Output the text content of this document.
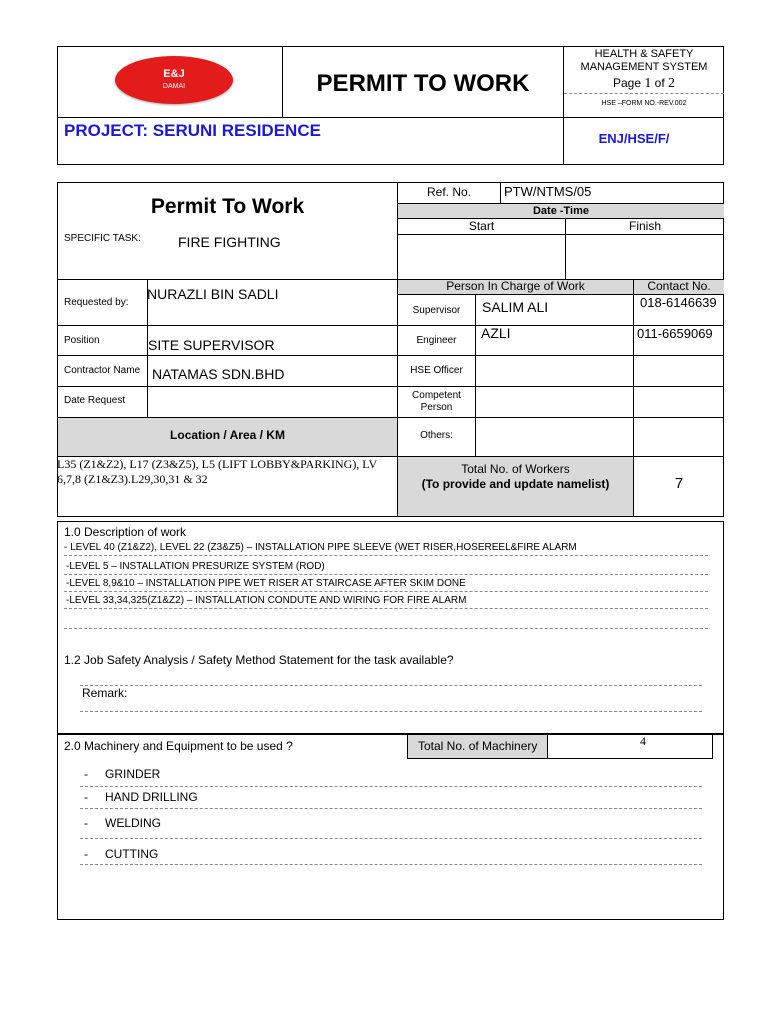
E&J
DAMAI	PERMIT TO WORK
HEALTH & SAFETY
MANAGEMENT SYSTEM
Page 1 of 2
HSE –FORM NO.-REV.002
PROJECT: SERUNI RESIDENCE	ENJ/HSE/F/
Permit To Work
SPECIFIC TASK:	FIRE FIGHTING
Ref. No.	PTW/NTMS/05
Date -Time
Start	Finish
Requested by:
NURAZLI BIN SADLI
Position	SITE SUPERVISOR
Contractor Name NATAMAS SDN.BHD
Date Request
Location / Area / KM
L35 (Z1&Z2), L17 (Z3&Z5), L5 (LIFT LOBBY&PARKING), LV
6,7,8 (Z1&Z3).L29,30,31 & 32
Person In Charge of Work	Contact No.
Supervisor	SALIM ALI	018-6146639
Engineer	AZLI	011-6659069
HSE Officer
Competent
Person
Others:
Total No. of Workers
(To provide and update namelist)	7
1.0 Description of work
- LEVEL 40 (Z1&Z2), LEVEL 22 (Z3&Z5) – INSTALLATION PIPE SLEEVE (WET RISER,HOSEREEL&FIRE ALARM
-LEVEL 5 – INSTALLATION PRESURIZE SYSTEM (ROD)
-LEVEL 8,9&10 – INSTALLATION PIPE WET RISER AT STAIRCASE AFTER SKIM DONE
-LEVEL 33,34,325(Z1&Z2) – INSTALLATION CONDUTE AND WIRING FOR FIRE ALARM
1.2 Job Safety Analysis / Safety Method Statement for the task available?
Remark:
2.0 Machinery and Equipment to be used ?	Total No. of Machinery	4
- GRINDER
- HAND DRILLING
- WELDING
- CUTTING
